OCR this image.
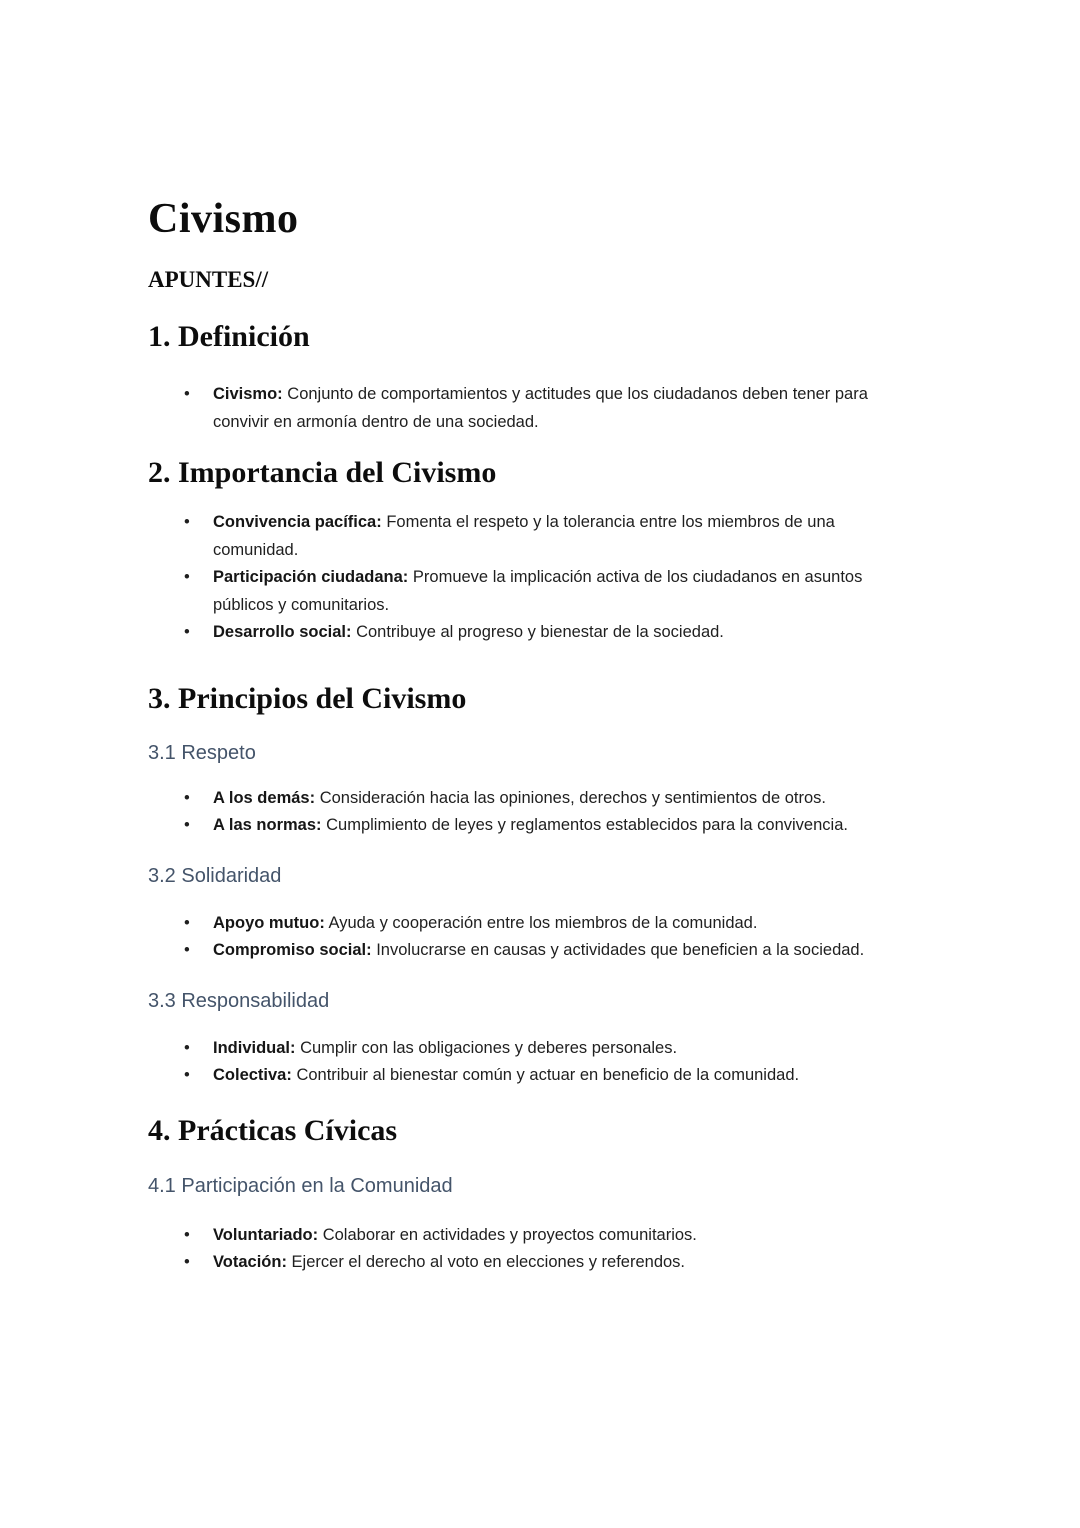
Civismo
APUNTES//
1. Definición
• Civismo: Conjunto de comportamientos y actitudes que los ciudadanos deben tener para convivir en armonía dentro de una sociedad.
2. Importancia del Civismo
• Convivencia pacífica: Fomenta el respeto y la tolerancia entre los miembros de una comunidad.
• Participación ciudadana: Promueve la implicación activa de los ciudadanos en asuntos públicos y comunitarios.
• Desarrollo social: Contribuye al progreso y bienestar de la sociedad.
3. Principios del Civismo
3.1 Respeto
• A los demás: Consideración hacia las opiniones, derechos y sentimientos de otros.
• A las normas: Cumplimiento de leyes y reglamentos establecidos para la convivencia.
3.2 Solidaridad
• Apoyo mutuo: Ayuda y cooperación entre los miembros de la comunidad.
• Compromiso social: Involucrarse en causas y actividades que beneficien a la sociedad.
3.3 Responsabilidad
• Individual: Cumplir con las obligaciones y deberes personales.
• Colectiva: Contribuir al bienestar común y actuar en beneficio de la comunidad.
4. Prácticas Cívicas
4.1 Participación en la Comunidad
• Voluntariado: Colaborar en actividades y proyectos comunitarios.
• Votación: Ejercer el derecho al voto en elecciones y referendos.
